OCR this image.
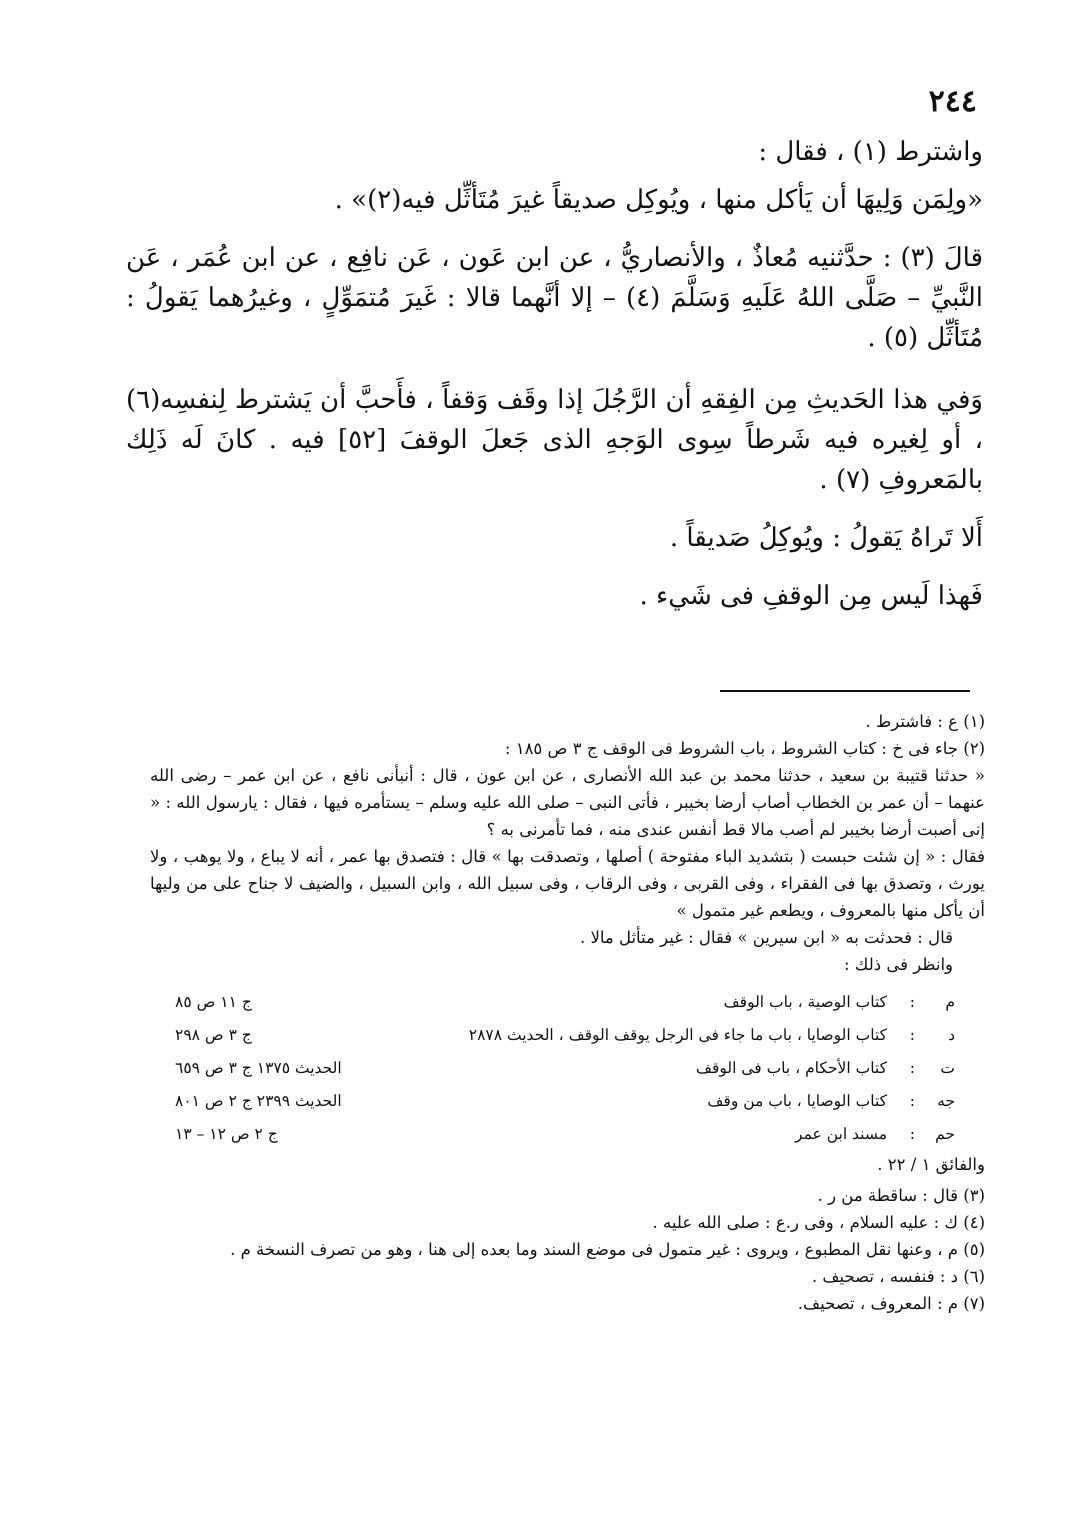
٢٤٤

واشترط (١) ، فقال :

«ولِمَن وَلِيهَا أن يَأكل منها ، ويُوكِل صديقاً غيرَ مُتَأثِّل فيه(٢)» .

قالَ (٣) : حدَّثنيه مُعاذٌ ، والأنصاريُّ ، عن ابن عَون ، عَن نافِع ، عن ابن عُمَر ، عَن النَّبيِّ – صَلَّى اللهُ عَلَيهِ وَسَلَّمَ (٤) – إلا أنَّهما قالا : غَيرَ مُتمَوِّلٍ ، وغيرُهما يَقولُ : مُتَأثِّل (٥) .

وَفي هذا الحَديثِ مِن الفِقهِ أن الرَّجُلَ إذا وقَف وَقفاً ، فأَحبَّ أن يَشترط لِنفسِه(٦) ، أو لِغيره فيه شَرطاً سِوى الوَجهِ الذى جَعلَ الوقفَ [٥٢] فيه . كانَ لَه ذَلِك بالمَعروفِ (٧) .

أَلا تَراهُ يَقولُ : ويُوكِلُ صَديقاً .

فَهذا لَيس مِن الوقفِ فى شَيء .

(١) ع : فاشترط .

(٢) جاء فى خ : كتاب الشروط ، باب الشروط فى الوقف ج ٣ ص ١٨٥ :

« حدثنا قتيبة بن سعيد ، حدثنا محمد بن عبد الله الأنصارى ، عن ابن عون ، قال : أنبأنى نافع ، عن ابن عمر – رضى الله عنهما – أن عمر بن الخطاب أصاب أرضا بخيبر ، فأتى النبى – صلى الله عليه وسلم – يستأمره فيها ، فقال : يارسول الله : « إنى أصبت أرضا بخيبر لم أصب مالا قط أنفس عندى منه ، فما تأمرنى به ؟

فقال : « إن شئت حبست ( بتشديد الباء مفتوحة ) أصلها ، وتصدقت بها » قال : فتصدق بها عمر ، أنه لا يباع ، ولا يوهب ، ولا يورث ، وتصدق بها فى الفقراء ، وفى القربى ، وفى الرقاب ، وفى سبيل الله ، وابن السبيل ، والضيف لا جناح على من وليها أن يأكل منها بالمعروف ، ويطعم غير متمول »

قال : فحدثت به « ابن سيرين » فقال : غير متأثل مالا .

وانظر فى ذلك :

م	:	كتاب الوصية ، باب الوقف	ج ١١ ص ٨٥
د	:	كتاب الوصايا ، باب ما جاء فى الرجل يوقف الوقف ، الحديث ٢٨٧٨	ج ٣ ص ٢٩٨
ت	:	كتاب الأحكام ، باب فى الوقف	الحديث ١٣٧٥ ج ٣ ص ٦٥٩
جه	:	كتاب الوصايا ، باب من وقف	الحديث ٢٣٩٩ ج ٢ ص ٨٠١
حم	:	مسند ابن عمر	ج ٢ ص ١٢ – ١٣

والفائق ١ / ٢٢ .

(٣) قال : ساقطة من ر .

(٤) ك : عليه السلام ، وفى ر.ع : صلى الله عليه .

(٥) م ، وعنها نقل المطبوع ، ويروى : غير متمول فى موضع السند وما بعده إلى هنا ، وهو من تصرف النسخة م .

(٦) د : فنفسه ، تصحيف .

(٧) م : المعروف ، تصحيف.
